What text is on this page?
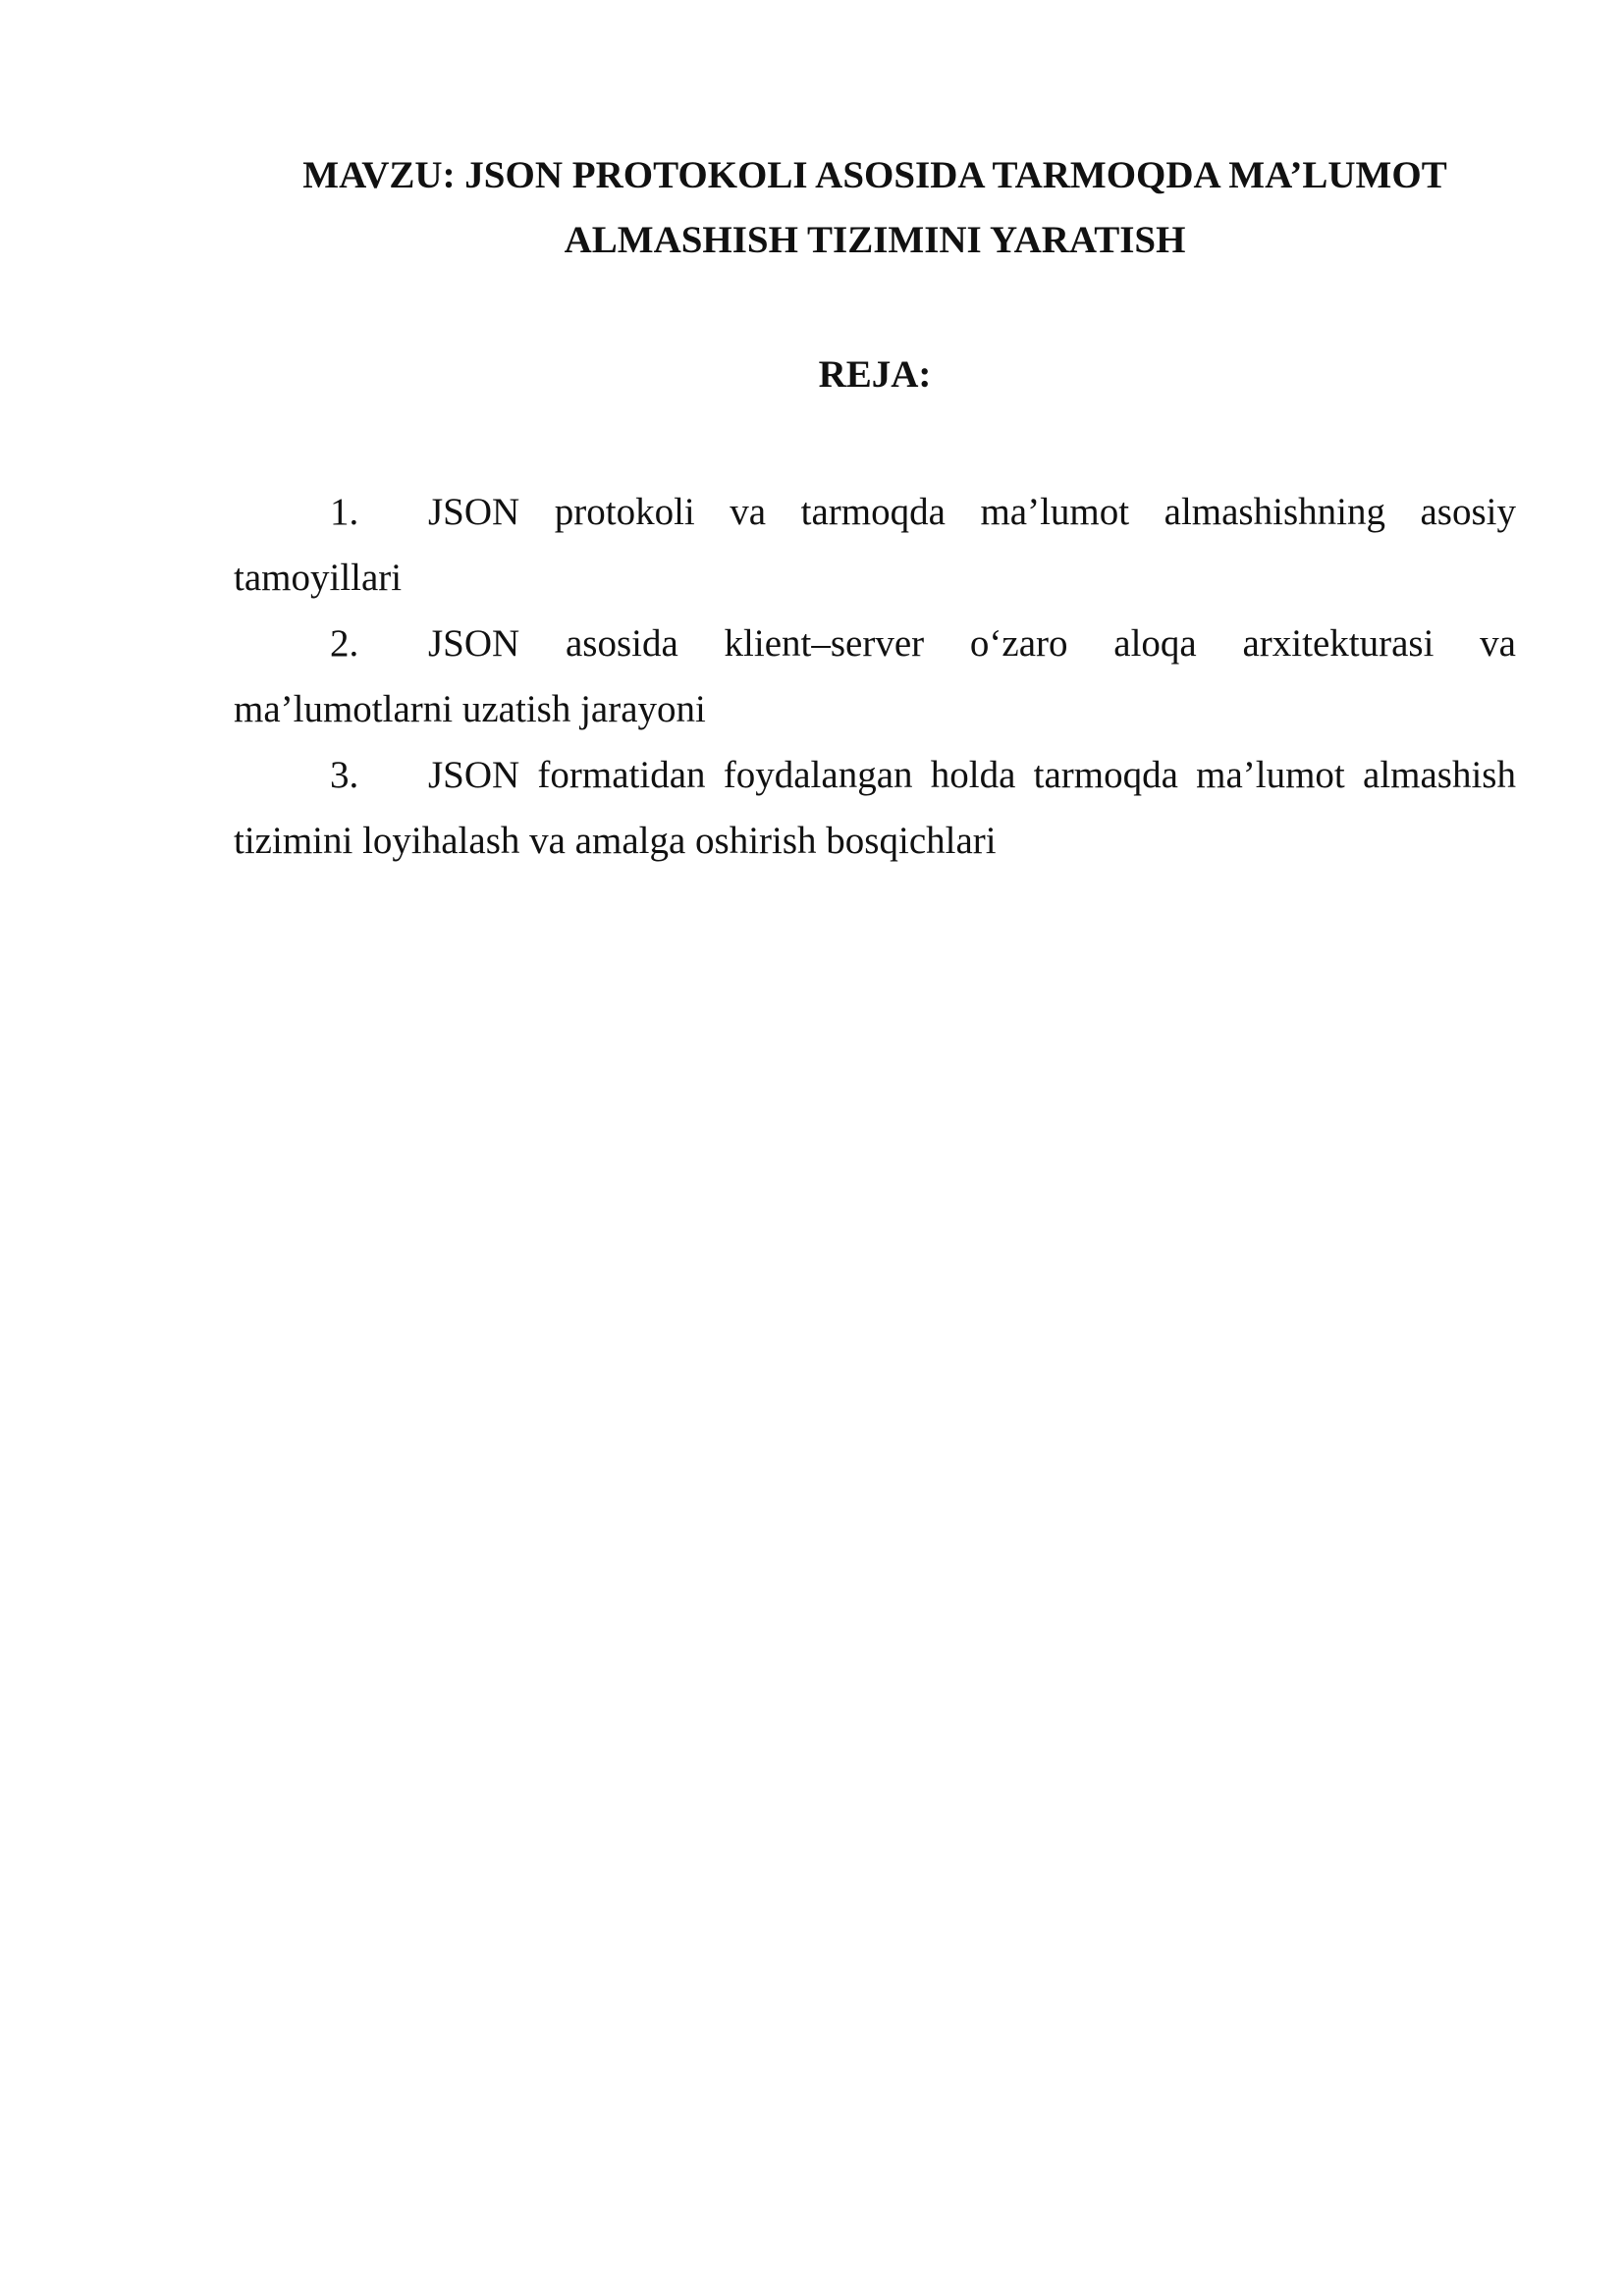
MAVZU: JSON PROTOKOLI ASOSIDA TARMOQDA MA’LUMOT
ALMASHISH TIZIMINI YARATISH
REJA:
1. JSON protokoli va tarmoqda ma’lumot almashishning asosiy tamoyillari
2. JSON asosida klient–server o‘zaro aloqa arxitekturasi va ma’lumotlarni uzatish jarayoni
3. JSON formatidan foydalangan holda tarmoqda ma’lumot almashish tizimini loyihalash va amalga oshirish bosqichlari
